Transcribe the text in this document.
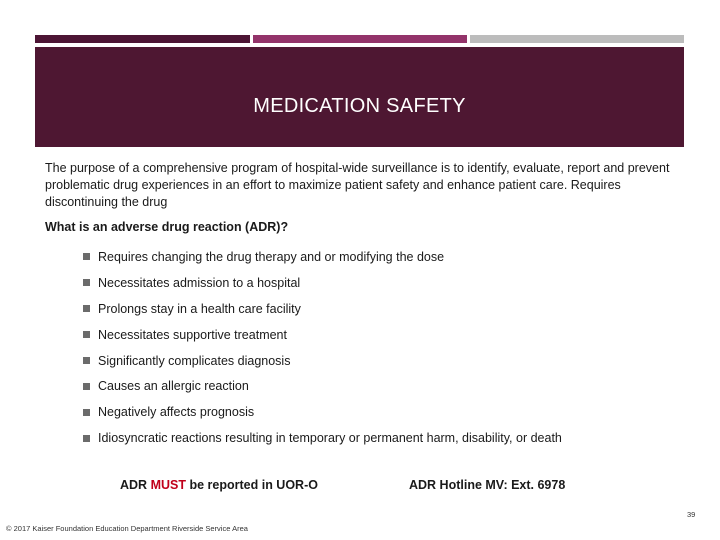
MEDICATION SAFETY

The purpose of a comprehensive program of hospital-wide surveillance is to identify, evaluate, report and prevent problematic drug experiences in an effort to maximize patient safety and enhance patient care. Requires discontinuing the drug

What is an adverse drug reaction (ADR)?

Requires changing the drug therapy and or modifying the dose
Necessitates admission to a hospital
Prolongs stay in a health care facility
Necessitates supportive treatment
Significantly complicates diagnosis
Causes an allergic reaction
Negatively affects prognosis
Idiosyncratic reactions resulting in temporary or permanent harm, disability, or death

ADR MUST be reported in UOR-O	ADR Hotline MV: Ext. 6978

© 2017 Kaiser Foundation Education Department Riverside Service Area
39
